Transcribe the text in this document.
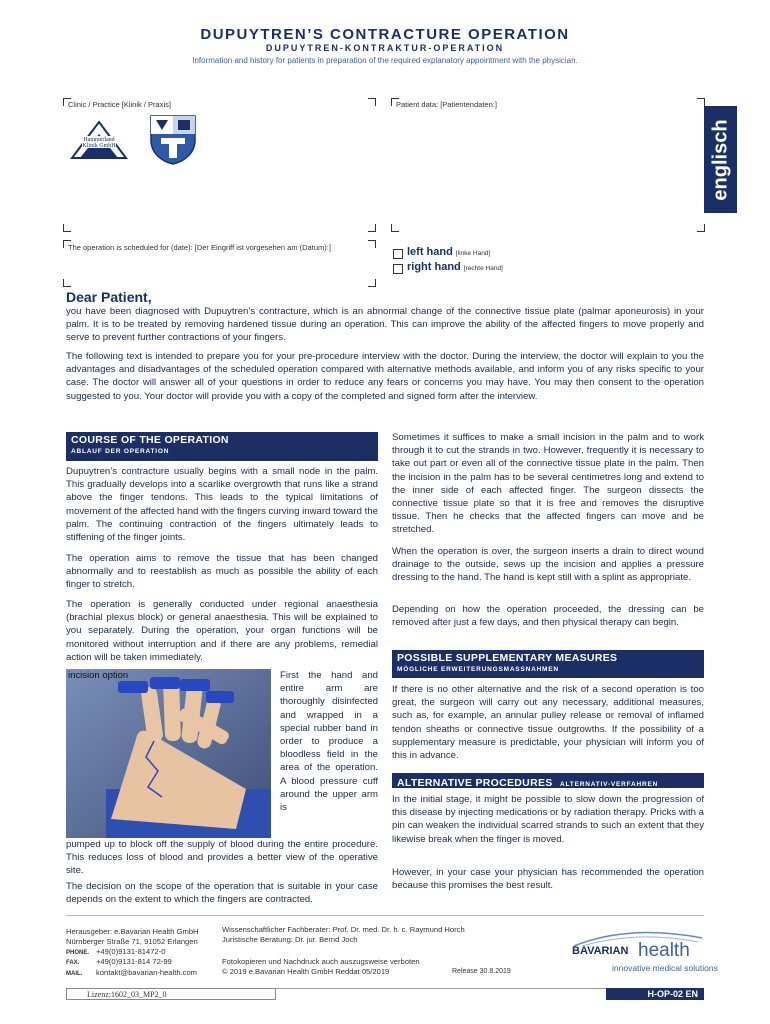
DUPUYTREN’S CONTRACTURE OPERATION
DUPUYTREN-KONTRAKTUR-OPERATION
Information and history for patients in preparation of the required explanatory appointment with the physician.
Clinic / Practice [Klinik / Praxis]	Patient data: [Patientendaten:]
englisch
Hammerland
Klinik GmbH
The operation is scheduled for (date): [Der Eingriff ist vorgesehen am (Datum):]	left hand [linke Hand]
right hand [rechte Hand]
Dear Patient,
you have been diagnosed with Dupuytren’s contracture, which is an abnormal change of the connective tissue plate (palmar aponeurosis) in your palm. It is to be treated by removing hardened tissue during an operation. This can improve the ability of the affected fingers to move properly and serve to prevent further contractions of your fingers.
The following text is intended to prepare you for your pre-procedure interview with the doctor. During the interview, the doctor will explain to you the advantages and disadvantages of the scheduled operation compared with alternative methods available, and inform you of any risks specific to your case. The doctor will answer all of your questions in order to reduce any fears or concerns you may have. You may then consent to the operation suggested to you. Your doctor will provide you with a copy of the completed and signed form after the interview.
COURSE OF THE OPERATION
ABLAUF DER OPERATION
Dupuytren’s contracture usually begins with a small node in the palm. This gradually develops into a scarlike overgrowth that runs like a strand above the finger tendons. This leads to the typical limitations of movement of the affected hand with the fingers curving inward toward the palm. The continuing contraction of the fingers ultimately leads to stiffening of the finger joints.
The operation aims to remove the tissue that has been changed abnormally and to reestablish as much as possible the ability of each finger to stretch.
The operation is generally conducted under regional anaesthesia (brachial plexus block) or general anaesthesia. This will be explained to you separately. During the operation, your organ functions will be monitored without interruption and if there are any problems, remedial action will be taken immediately.
incision option	First the hand and entire arm are thoroughly disinfected and wrapped in a special rubber band in order to produce a bloodless field in the area of the operation. A blood pressure cuff around the upper arm is
pumped up to block off the supply of blood during the entire procedure. This reduces loss of blood and provides a better view of the operative site.
The decision on the scope of the operation that is suitable in your case depends on the extent to which the fingers are contracted.
Sometimes it suffices to make a small incision in the palm and to work through it to cut the strands in two. However, frequently it is necessary to take out part or even all of the connective tissue plate in the palm. Then the incision in the palm has to be several centimetres long and extend to the inner side of each affected finger. The surgeon dissects the connective tissue plate so that it is free and removes the disruptive tissue. Then he checks that the affected fingers can move and be stretched.
When the operation is over, the surgeon inserts a drain to direct wound drainage to the outside, sews up the incision and applies a pressure dressing to the hand. The hand is kept still with a splint as appropriate.
Depending on how the operation proceeded, the dressing can be removed after just a few days, and then physical therapy can begin.
POSSIBLE SUPPLEMENTARY MEASURES
MÖGLICHE ERWEITERUNGSMASSNAHMEN
If there is no other alternative and the risk of a second operation is too great, the surgeon will carry out any necessary, additional measures, such as, for example, an annular pulley release or removal of inflamed tendon sheaths or connective tissue outgrowths. If the possibility of a supplementary measure is predictable, your physician will inform you of this in advance.
ALTERNATIVE PROCEDURES ALTERNATIV-VERFAHREN
In the initial stage, it might be possible to slow down the progression of this disease by injecting medications or by radiation therapy. Pricks with a pin can weaken the individual scarred strands to such an extent that they likewise break when the finger is moved.
However, in your case your physician has recommended the operation because this promises the best result.
Herausgeber: e.Bavarian Health GmbH
Nürnberger Straße 71, 91052 Erlangen
PHONE. +49(0)9131-81472-0
FAX. +49(0)9131-814 72-99
MAIL. kontakt@bavarian-health.com
Wissenschaftlicher Fachberater: Prof. Dr. med. Dr. h. c. Raymund Horch
Juristische Beratung: Dr. jur. Bernd Joch
Fotokopieren und Nachdruck auch auszugsweise verboten
© 2019 e.Bavarian Health GmbH Reddat 05/2019	Release 30.8.2019
BAVARIAN health
innovative medical solutions
Lizenz:1602_03_MP2_0	H-OP-02 EN
